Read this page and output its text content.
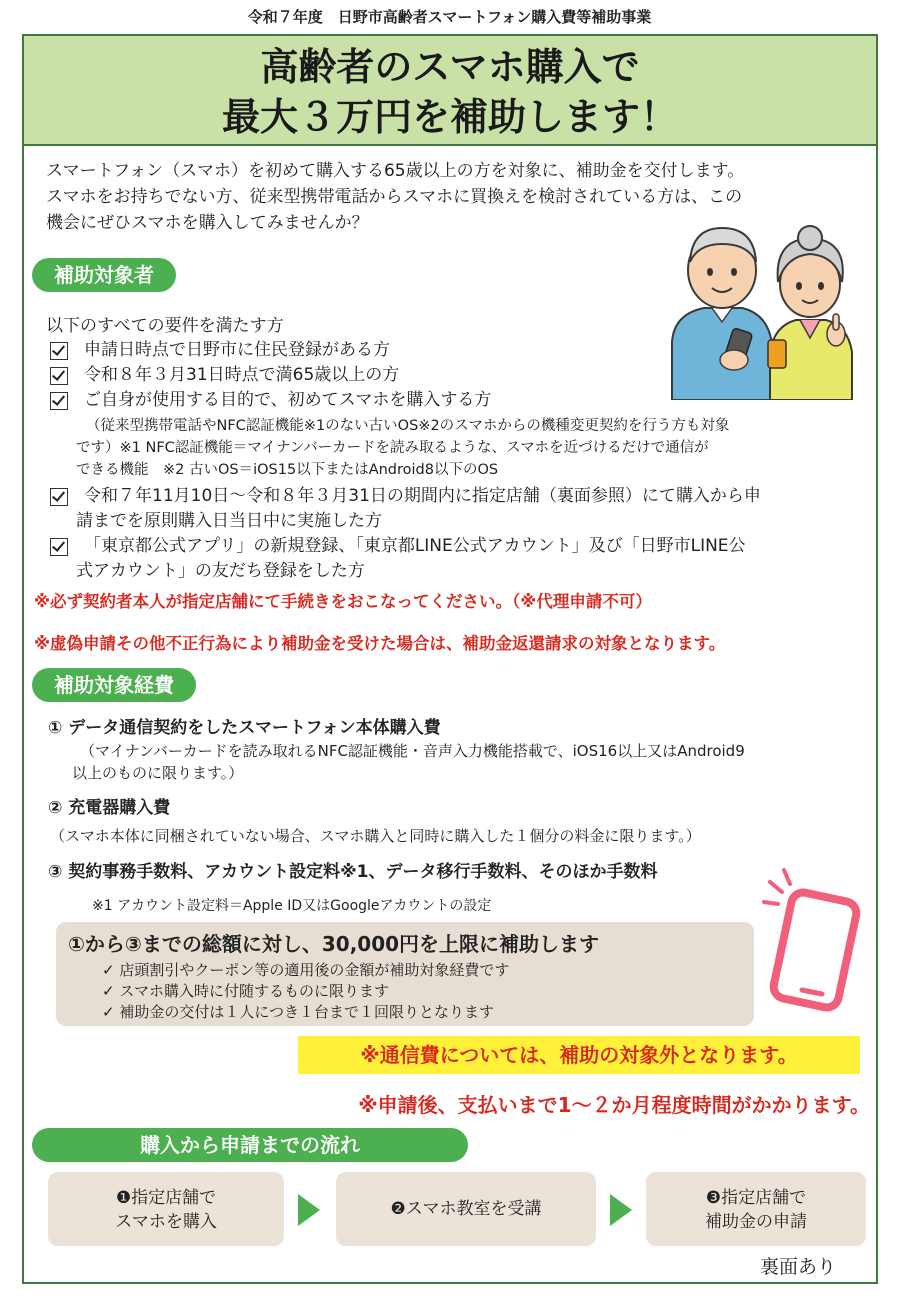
令和７年度　日野市高齢者スマートフォン購入費等補助事業
高齢者のスマホ購入で
最大３万円を補助します！
スマートフォン（スマホ）を初めて購入する65歳以上の方を対象に、補助金を交付します。
スマホをお持ちでない方、従来型携帯電話からスマホに買換えを検討されている方は、この
機会にぜひスマホを購入してみませんか？
補助対象者
以下のすべての要件を満たす方
申請日時点で日野市に住民登録がある方
令和８年３月31日時点で満65歳以上の方
ご自身が使用する目的で、初めてスマホを購入する方
（従来型携帯電話やNFC認証機能※1のない古いOS※2のスマホからの機種変更契約を行う方も対象
です）※1 NFC認証機能＝マイナンバーカードを読み取るような、スマホを近づけるだけで通信が
できる機能　※2 古いOS＝iOS15以下またはAndroid8以下のOS
令和７年11月10日～令和８年３月31日の期間内に指定店舗（裏面参照）にて購入から申
請までを原則購入日当日中に実施した方
「東京都公式アプリ」の新規登録、「東京都LINE公式アカウント」及び「日野市LINE公
式アカウント」の友だち登録をした方
※必ず契約者本人が指定店舗にて手続きをおこなってください。（※代理申請不可）
※虚偽申請その他不正行為により補助金を受けた場合は、補助金返還請求の対象となります。
補助対象経費
① データ通信契約をしたスマートフォン本体購入費
（マイナンバーカードを読み取れるNFC認証機能・音声入力機能搭載で、iOS16以上又はAndroid9
以上のものに限ります。）
② 充電器購入費
（スマホ本体に同梱されていない場合、スマホ購入と同時に購入した１個分の料金に限ります。）
③ 契約事務手数料、アカウント設定料※1、データ移行手数料、そのほか手数料
※1 アカウント設定料＝Apple ID又はGoogleアカウントの設定
①から③までの総額に対し、30,000円を上限に補助します
✓ 店頭割引やクーポン等の適用後の金額が補助対象経費です
✓ スマホ購入時に付随するものに限ります
✓ 補助金の交付は１人につき１台まで１回限りとなります
※通信費については、補助の対象外となります。
※申請後、支払いまで1～２か月程度時間がかかります。
購入から申請までの流れ
❶指定店舗で
スマホを購入
❷スマホ教室を受講
❸指定店舗で
補助金の申請
裏面あり
